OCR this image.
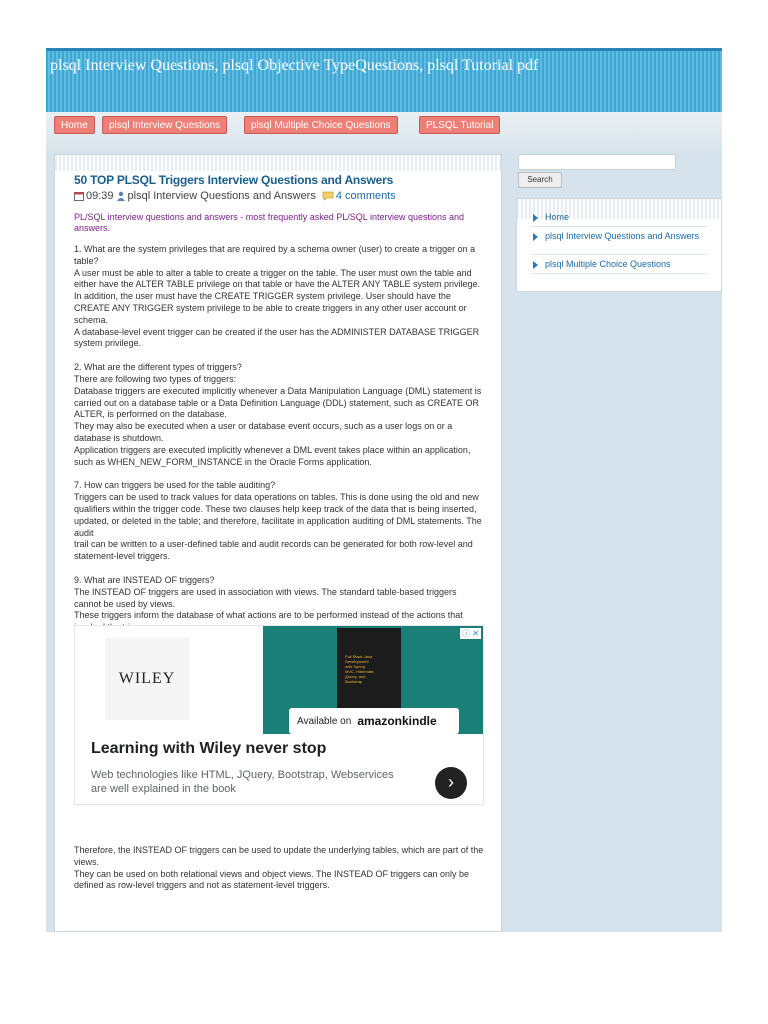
plsql Interview Questions, plsql Objective TypeQuestions, plsql Tutorial pdf
Home	plsql Interview Questions	plsql Multiple Choice Questions	PLSQL Tutorial
50 TOP PLSQL Triggers Interview Questions and Answers
09:39 plsql Interview Questions and Answers 4 comments
PL/SQL interview questions and answers - most frequently asked PL/SQL interview questions and answers.

1. What are the system privileges that are required by a schema owner (user) to create a trigger on a table?

A user must be able to alter a table to create a trigger on the table. The user must own the table and either have the ALTER TABLE privilege on that table or have the ALTER ANY TABLE system privilege. In addition, the user must have the CREATE TRIGGER system privilege. User should have the CREATE ANY TRIGGER system privilege to be able to create triggers in any other user account or schema.

A database-level event trigger can be created if the user has the ADMINISTER DATABASE TRIGGER system privilege.

2. What are the different types of triggers?

There are following two types of triggers:

Database triggers are executed implicitly whenever a Data Manipulation Language (DML) statement is carried out on a database table or a Data Definition Language (DDL) statement, such as CREATE OR ALTER, is performed on the database.

They may also be executed when a user or database event occurs, such as a user logs on or a database is shutdown.

Application triggers are executed implicitly whenever a DML event takes place within an application, such as WHEN_NEW_FORM_INSTANCE in the Oracle Forms application.

7. How can triggers be used for the table auditing?

Triggers can be used to track values for data operations on tables. This is done using the old and new qualifiers within the trigger code. These two clauses help keep track of the data that is being inserted, updated, or deleted in the table; and therefore, facilitate in application auditing of DML statements. The audit

trail can be written to a user-defined table and audit records can be generated for both row-level and statement-level triggers.

9. What are INSTEAD OF triggers?

The INSTEAD OF triggers are used in association with views. The standard table-based triggers cannot be used by views.

These triggers inform the database of what actions are to be performed instead of the actions that

WILEY
Full Stack Java Development with Spring MVC, Hibernate, jQuery, and Bootstrap
Available on amazonkindle
ⓘ ✕
Learning with Wiley never stop
Web technologies like HTML, JQuery, Bootstrap, Webservices are well explained in the book	›

Therefore, the INSTEAD OF triggers can be used to update the underlying tables, which are part of the views.

They can be used on both relational views and object views. The INSTEAD OF triggers can only be defined as row-level triggers and not as statement-level triggers.

Search
Home
plsql Interview Questions and Answers
plsql Multiple Choice Questions
